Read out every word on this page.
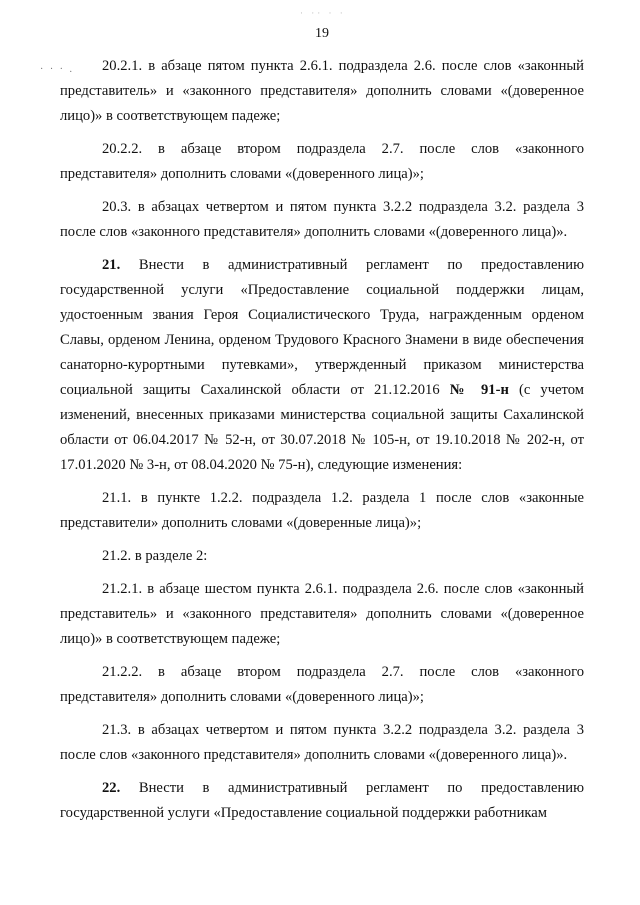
· ·· · ·
· · · .
19

20.2.1. в абзаце пятом пункта 2.6.1. подраздела 2.6. после слов «законный представитель» и «законного представителя» дополнить словами «(доверенное лицо)» в соответствующем падеже;

20.2.2. в абзаце втором подраздела 2.7. после слов «законного представителя» дополнить словами «(доверенного лица)»;

20.3. в абзацах четвертом и пятом пункта 3.2.2 подраздела 3.2. раздела 3 после слов «законного представителя» дополнить словами «(доверенного лица)».

21. Внести в административный регламент по предоставлению государственной услуги «Предоставление социальной поддержки лицам, удостоенным звания Героя Социалистического Труда, награжденным орденом Славы, орденом Ленина, орденом Трудового Красного Знамени в виде обеспечения санаторно-курортными путевками», утвержденный приказом министерства социальной защиты Сахалинской области от 21.12.2016 № 91-н (с учетом изменений, внесенных приказами министерства социальной защиты Сахалинской области от 06.04.2017 № 52-н, от 30.07.2018 № 105-н, от 19.10.2018 № 202-н, от 17.01.2020 № 3-н, от 08.04.2020 № 75-н), следующие изменения:

21.1. в пункте 1.2.2. подраздела 1.2. раздела 1 после слов «законные представители» дополнить словами «(доверенные лица)»;

21.2. в разделе 2:

21.2.1. в абзаце шестом пункта 2.6.1. подраздела 2.6. после слов «законный представитель» и «законного представителя» дополнить словами «(доверенное лицо)» в соответствующем падеже;

21.2.2. в абзаце втором подраздела 2.7. после слов «законного представителя» дополнить словами «(доверенного лица)»;

21.3. в абзацах четвертом и пятом пункта 3.2.2 подраздела 3.2. раздела 3 после слов «законного представителя» дополнить словами «(доверенного лица)».

22. Внести в административный регламент по предоставлению государственной услуги «Предоставление социальной поддержки работникам
